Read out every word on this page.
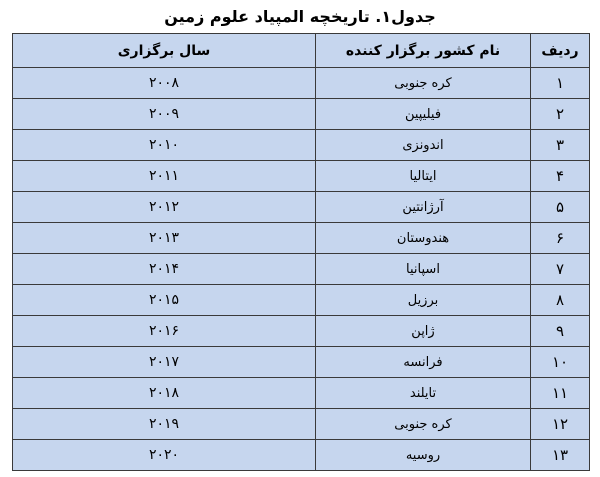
جدول۱. تاریخچه المپیاد علوم زمین
ردیف	نام کشور برگزار کننده	سال برگزاری
۱	کره جنوبی	۲۰۰۸
۲	فیلیپین	۲۰۰۹
۳	اندونزی	۲۰۱۰
۴	ایتالیا	۲۰۱۱
۵	آرژانتین	۲۰۱۲
۶	هندوستان	۲۰۱۳
۷	اسپانیا	۲۰۱۴
۸	برزیل	۲۰۱۵
۹	ژاپن	۲۰۱۶
۱۰	فرانسه	۲۰۱۷
۱۱	تایلند	۲۰۱۸
۱۲	کره جنوبی	۲۰۱۹
۱۳	روسیه	۲۰۲۰
